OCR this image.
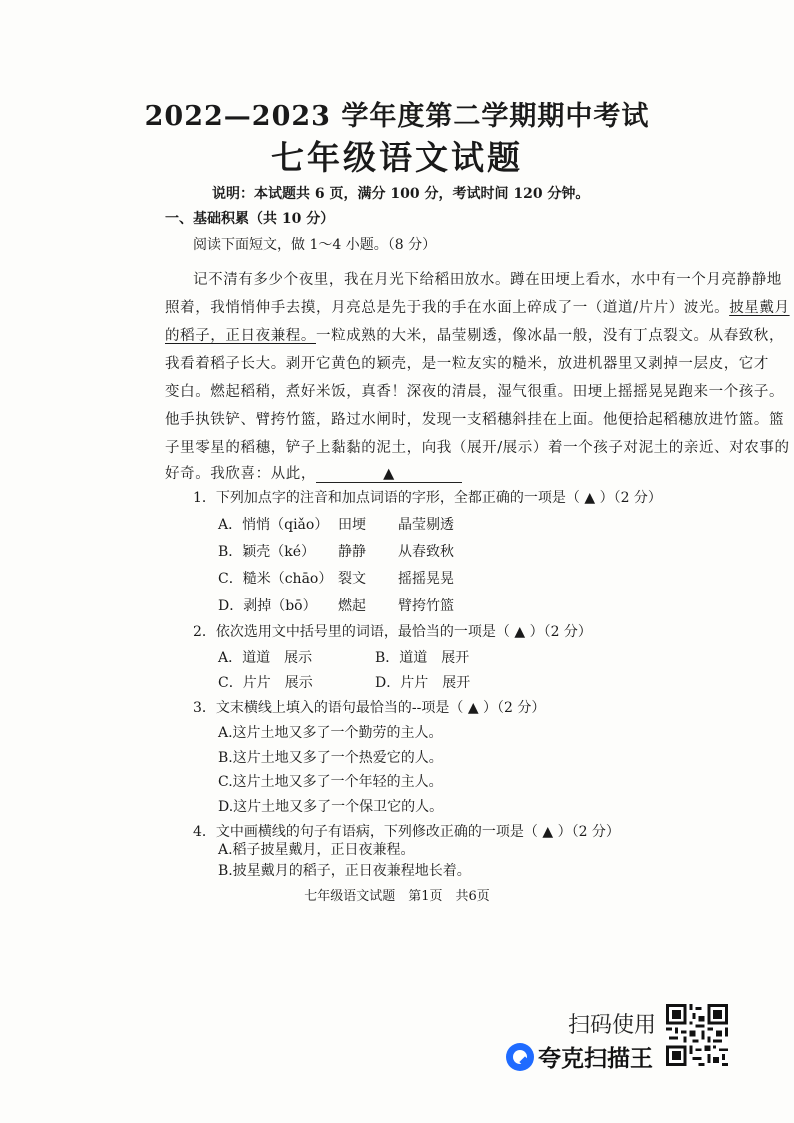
2022—2023 学年度第二学期期中考试
七年级语文试题
说明：本试题共 6 页，满分 100 分，考试时间 120 分钟。
一、基础积累（共 10 分）
阅读下面短文，做 1～4 小题。（8 分）
记不清有多少个夜里，我在月光下给稻田放水。蹲在田埂上看水，水中有一个月亮静静地
照着，我悄悄伸手去摸，月亮总是先于我的手在水面上碎成了一（道道/片片）波光。披星戴月
的稻子，正日夜兼程。一粒成熟的大米，晶莹剔透，像冰晶一般，没有丁点裂文。从春致秋，
我看着稻子长大。剥开它黄色的颖壳，是一粒友实的糙米，放进机器里又剥掉一层皮，它才
变白。燃起稻稍，煮好米饭，真香！深夜的清晨，湿气很重。田埂上摇摇晃晃跑来一个孩子。
他手执铁铲、臂挎竹篮，路过水闸时，发现一支稻穗斜挂在上面。他便拾起稻穗放进竹篮。篮
子里零星的稻穗，铲子上黏黏的泥土，向我（展开/展示）着一个孩子对泥土的亲近、对农事的
好奇。我欣喜：从此，	▲
1．下列加点字的注音和加点词语的字形，全都正确的一项是（ ▲ ）（2 分）
A．悄悄（qiǎo） 田埂 晶莹剔透
B．颖壳（ké） 静静 从春致秋
C．糙米（chāo） 裂文 摇摇晃晃
D．剥掉（bō） 燃起 臂挎竹篮
2．依次选用文中括号里的词语，最恰当的一项是（ ▲ ）（2 分）
A．道道　展示	B．道道　展开
C．片片　展示	D．片片　展开
3．文末横线上填入的语句最恰当的--项是（ ▲ ）（2 分）
A.这片土地又多了一个勤劳的主人。
B.这片土地又多了一个热爱它的人。
C.这片土地又多了一个年轻的主人。
D.这片土地又多了一个保卫它的人。
4．文中画横线的句子有语病，下列修改正确的一项是（ ▲ ）（2 分）
A.稻子披星戴月，正日夜兼程。
B.披星戴月的稻子，正日夜兼程地长着。
七年级语文试题　第1页　共6页
扫码使用
夸克扫描王
